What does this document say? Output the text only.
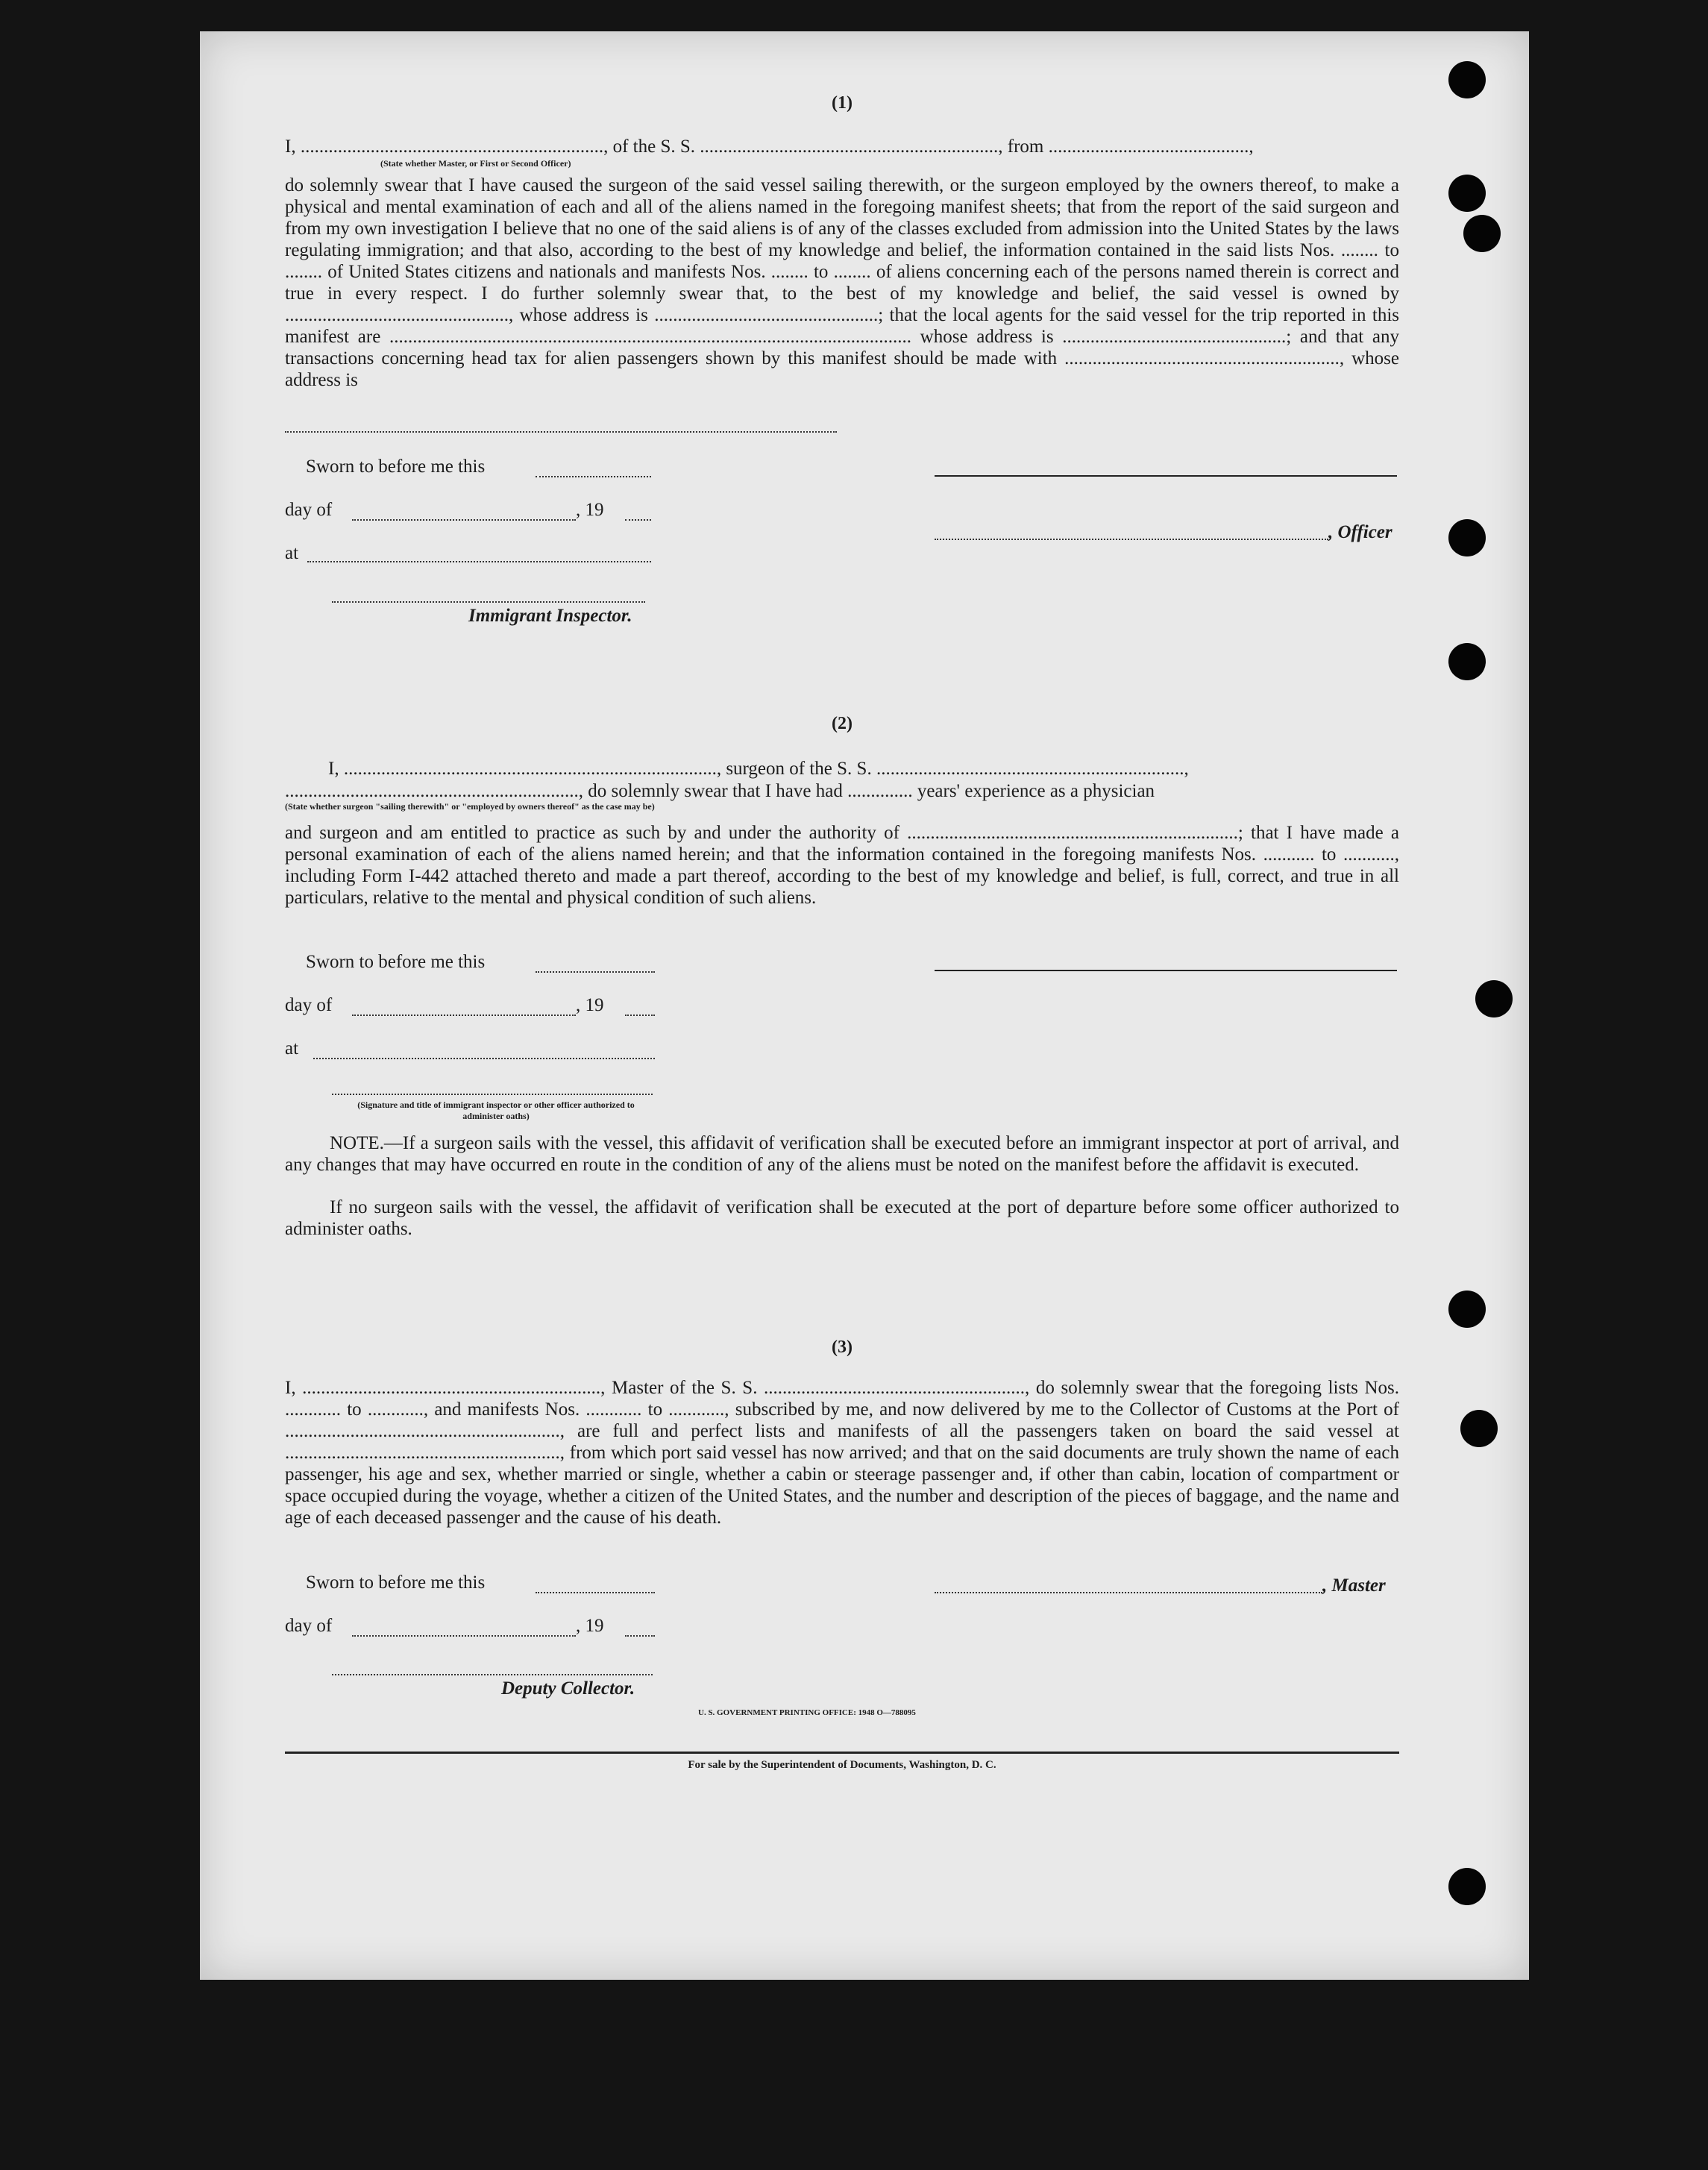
(1)
I, ................................................................., of the S. S. ................................................................, from ...........................................,
(State whether Master, or First or Second Officer)

do solemnly swear that I have caused the surgeon of the said vessel sailing therewith, or the surgeon employed by the owners thereof, to make a physical and mental examination of each and all of the aliens named in the foregoing manifest sheets; that from the report of the said surgeon and from my own investigation I believe that no one of the said aliens is of any of the classes excluded from admission into the United States by the laws regulating immigration; and that also, according to the best of my knowledge and belief, the information contained in the said lists Nos. ........ to ........ of United States citizens and nationals and manifests Nos. ........ to ........ of aliens concerning each of the persons named therein is correct and true in every respect. I do further solemnly swear that, to the best of my knowledge and belief, the said vessel is owned by ................................................, whose address is ................................................; that the local agents for the said vessel for the trip reported in this manifest are ................................................................................................................ whose address is ................................................; and that any transactions concerning head tax for alien passengers shown by this manifest should be made with ..........................................................., whose address is

Sworn to before me this
day of	, 19
, Officer
at
Immigrant Inspector.
(2)
I, ................................................................................, surgeon of the S. S. ..................................................................,
..............................................................., do solemnly swear that I have had .............. years' experience as a physician
(State whether surgeon "sailing therewith" or "employed by owners thereof" as the case may be)

and surgeon and am entitled to practice as such by and under the authority of .......................................................................; that I have made a personal examination of each of the aliens named herein; and that the information contained in the foregoing manifests Nos. ........... to ..........., including Form I-442 attached thereto and made a part thereof, according to the best of my knowledge and belief, is full, correct, and true in all particulars, relative to the mental and physical condition of such aliens.

Sworn to before me this
day of	, 19
at
(Signature and title of immigrant inspector or other officer authorized to administer oaths)

NOTE.—If a surgeon sails with the vessel, this affidavit of verification shall be executed before an immigrant inspector at port of arrival, and any changes that may have occurred en route in the condition of any of the aliens must be noted on the manifest before the affidavit is executed.

If no surgeon sails with the vessel, the affidavit of verification shall be executed at the port of departure before some officer authorized to administer oaths.

(3)

I, ................................................................, Master of the S. S. ........................................................, do solemnly swear that the foregoing lists Nos. ............ to ............, and manifests Nos. ............ to ............, subscribed by me, and now delivered by me to the Collector of Customs at the Port of ..........................................................., are full and perfect lists and manifests of all the passengers taken on board the said vessel at ..........................................................., from which port said vessel has now arrived; and that on the said documents are truly shown the name of each passenger, his age and sex, whether married or single, whether a cabin or steerage passenger and, if other than cabin, location of compartment or space occupied during the voyage, whether a citizen of the United States, and the number and description of the pieces of baggage, and the name and age of each deceased passenger and the cause of his death.

Sworn to before me this	, Master
day of	, 19
Deputy Collector.
U. S. GOVERNMENT PRINTING OFFICE: 1948 O—788095
For sale by the Superintendent of Documents, Washington, D. C.
